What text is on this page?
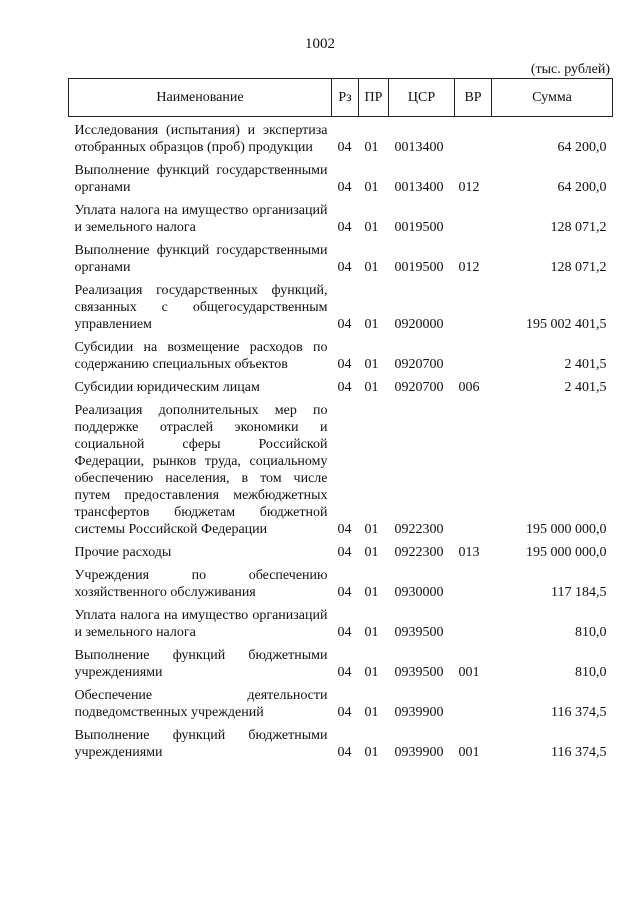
1002
(тыс. рублей)
Наименование	Рз	ПР	ЦСР	ВР	Сумма
Исследования (испытания) и экспертиза отобранных образцов (проб) продукции	04	01	0013400		64 200,0
Выполнение функций государственными органами	04	01	0013400	012	64 200,0
Уплата налога на имущество организаций и земельного налога	04	01	0019500		128 071,2
Выполнение функций государственными органами	04	01	0019500	012	128 071,2
Реализация государственных функций, связанных с общегосударственным управлением	04	01	0920000		195 002 401,5
Субсидии на возмещение расходов по содержанию специальных объектов	04	01	0920700		2 401,5
Субсидии юридическим лицам	04	01	0920700	006	2 401,5
Реализация дополнительных мер по поддержке отраслей экономики и социальной сферы Российской Федерации, рынков труда, социальному обеспечению населения, в том числе путем предоставления межбюджетных трансфертов бюджетам бюджетной системы Российской Федерации	04	01	0922300		195 000 000,0
Прочие расходы	04	01	0922300	013	195 000 000,0
Учреждения по обеспечению хозяйственного обслуживания	04	01	0930000		117 184,5
Уплата налога на имущество организаций и земельного налога	04	01	0939500		810,0
Выполнение функций бюджетными учреждениями	04	01	0939500	001	810,0
Обеспечение деятельности подведомственных учреждений	04	01	0939900		116 374,5
Выполнение функций бюджетными учреждениями	04	01	0939900	001	116 374,5
